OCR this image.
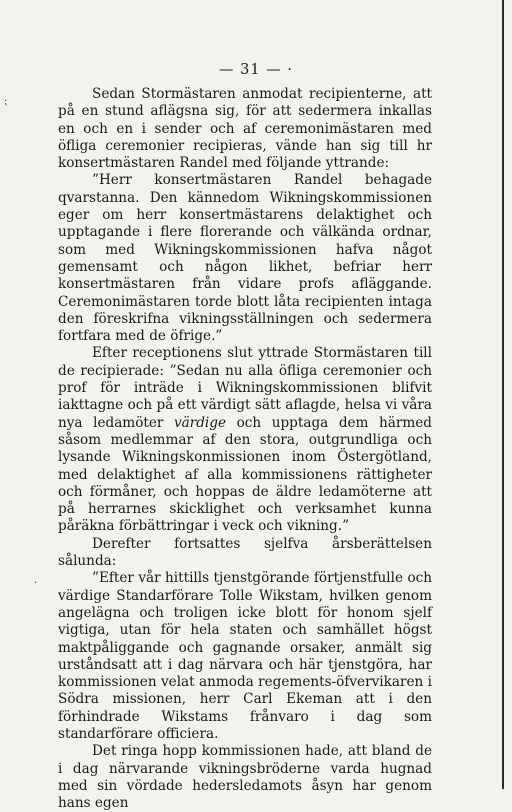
⁏
·
— 31 — ·

Sedan Stormästaren anmodat recipienterne, att på en stund aflägsna sig, för att sedermera inkallas en och en i sender och af ceremonimästaren med öfliga ceremonier recipieras, vände han sig till hr konsertmästaren Randel med följande yttrande:

”Herr konsertmästaren Randel behagade qvarstanna. Den kännedom Wikningskommissionen eger om herr konsertmästarens delaktighet och upptagande i flere florerande och välkända ordnar, som med Wikningskommissionen hafva något gemensamt och någon likhet, befriar herr konsertmästaren från vidare profs afläggande. Ceremonimästaren torde blott låta recipienten intaga den föreskrifna vikningsställningen och sedermera fortfara med de öfrige.”

Efter receptionens slut yttrade Stormästaren till de recipierade: ”Sedan nu alla öfliga ceremonier och prof för inträde i Wikningskommissionen blifvit iakttagne och på ett värdigt sätt aflagde, helsa vi våra nya ledamöter värdige och upptaga dem härmed såsom medlemmar af den stora, outgrundliga och lysande Wikningskonmissionen inom Östergötland, med delaktighet af alla kommissionens rättigheter och förmåner, och hoppas de äldre ledamöterne att på herrarnes skicklighet och verksamhet kunna påräkna förbättringar i veck och vikning.”

Derefter fortsattes sjelfva årsberättelsen sålunda:

”Efter vår hittills tjenstgörande förtjenstfulle och värdige Standarförare Tolle Wikstam, hvilken genom angelägna och troligen icke blott för honom sjelf vigtiga, utan för hela staten och samhället högst maktpåliggande och gagnande orsaker, anmält sig urståndsatt att i dag närvara och här tjenstgöra, har kommissionen velat anmoda regements-öfvervikaren i Södra missionen, herr Carl Ekeman att i den förhindrade Wikstams frånvaro i dag som standarförare officiera.

Det ringa hopp kommissionen hade, att bland de i dag närvarande vikningsbröderne varda hugnad med sin vördade hedersledamots åsyn har genom hans egen
